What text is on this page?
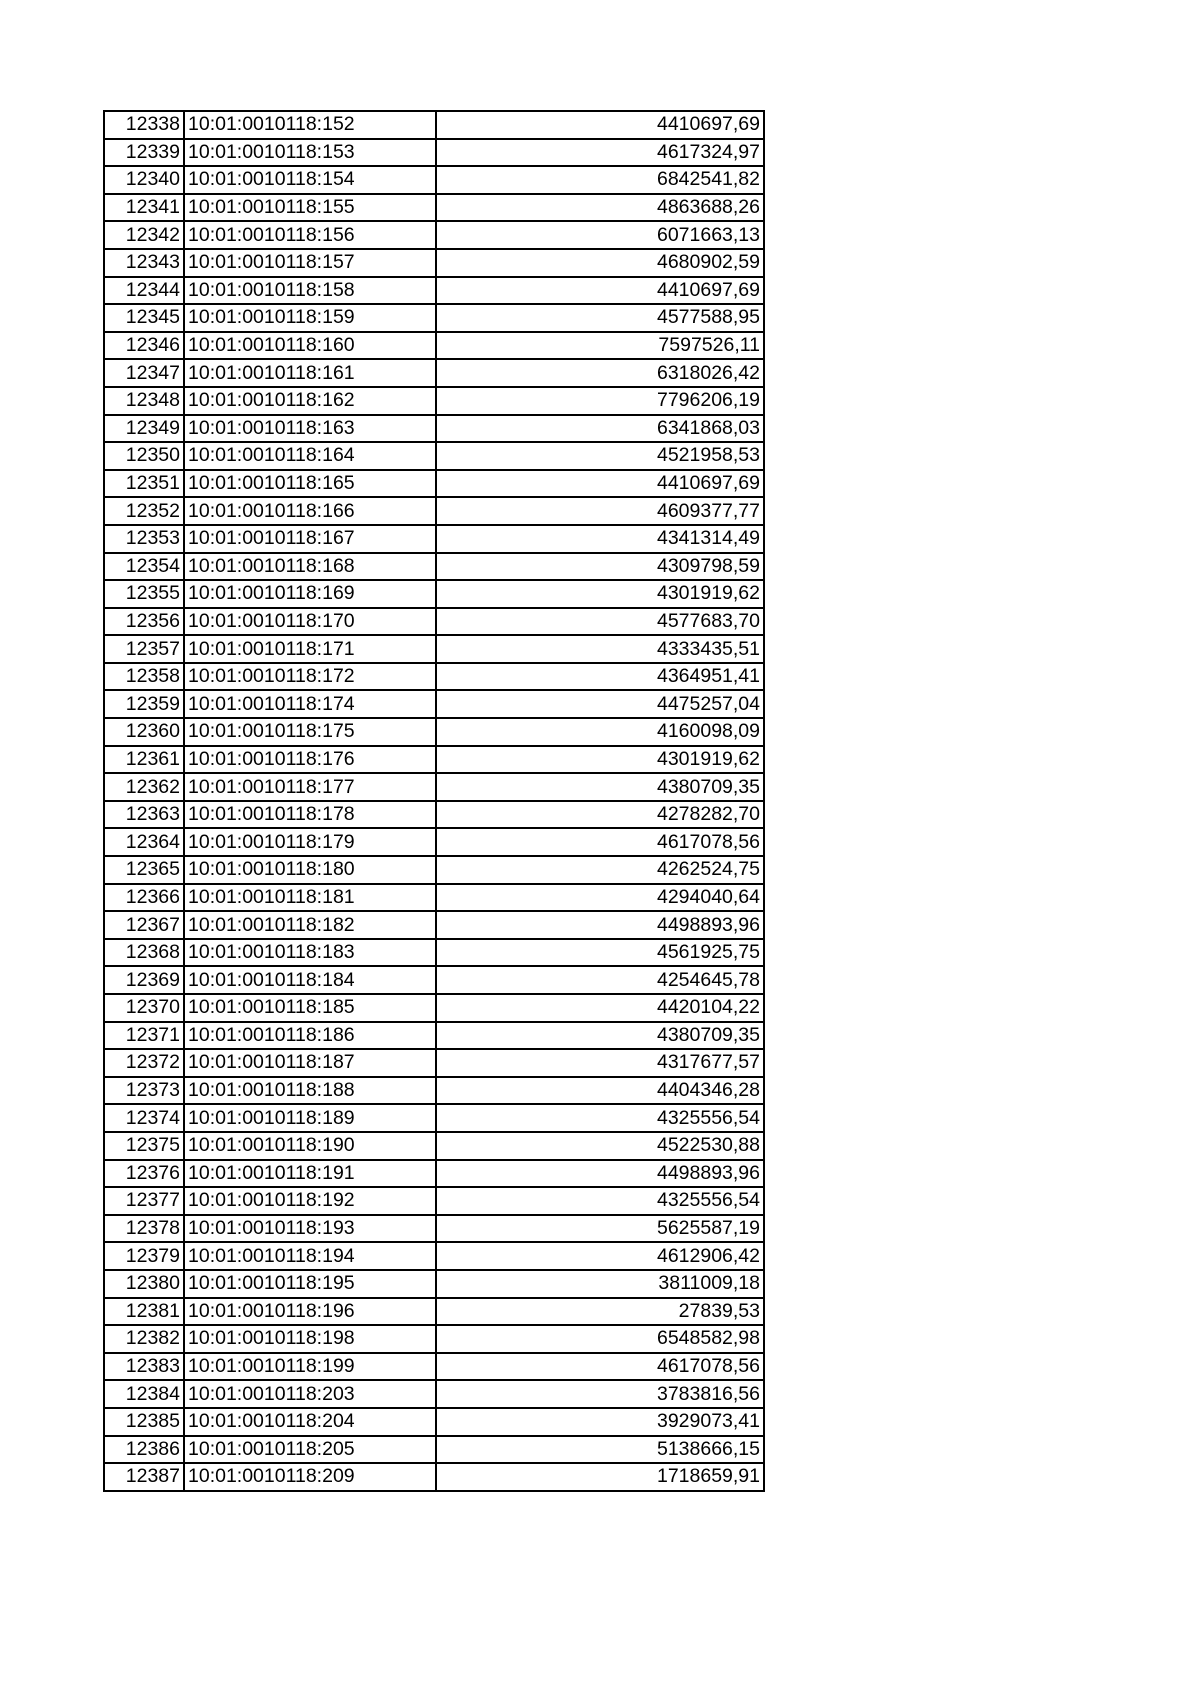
12338	10:01:0010118:152	4410697,69
12339	10:01:0010118:153	4617324,97
12340	10:01:0010118:154	6842541,82
12341	10:01:0010118:155	4863688,26
12342	10:01:0010118:156	6071663,13
12343	10:01:0010118:157	4680902,59
12344	10:01:0010118:158	4410697,69
12345	10:01:0010118:159	4577588,95
12346	10:01:0010118:160	7597526,11
12347	10:01:0010118:161	6318026,42
12348	10:01:0010118:162	7796206,19
12349	10:01:0010118:163	6341868,03
12350	10:01:0010118:164	4521958,53
12351	10:01:0010118:165	4410697,69
12352	10:01:0010118:166	4609377,77
12353	10:01:0010118:167	4341314,49
12354	10:01:0010118:168	4309798,59
12355	10:01:0010118:169	4301919,62
12356	10:01:0010118:170	4577683,70
12357	10:01:0010118:171	4333435,51
12358	10:01:0010118:172	4364951,41
12359	10:01:0010118:174	4475257,04
12360	10:01:0010118:175	4160098,09
12361	10:01:0010118:176	4301919,62
12362	10:01:0010118:177	4380709,35
12363	10:01:0010118:178	4278282,70
12364	10:01:0010118:179	4617078,56
12365	10:01:0010118:180	4262524,75
12366	10:01:0010118:181	4294040,64
12367	10:01:0010118:182	4498893,96
12368	10:01:0010118:183	4561925,75
12369	10:01:0010118:184	4254645,78
12370	10:01:0010118:185	4420104,22
12371	10:01:0010118:186	4380709,35
12372	10:01:0010118:187	4317677,57
12373	10:01:0010118:188	4404346,28
12374	10:01:0010118:189	4325556,54
12375	10:01:0010118:190	4522530,88
12376	10:01:0010118:191	4498893,96
12377	10:01:0010118:192	4325556,54
12378	10:01:0010118:193	5625587,19
12379	10:01:0010118:194	4612906,42
12380	10:01:0010118:195	3811009,18
12381	10:01:0010118:196	27839,53
12382	10:01:0010118:198	6548582,98
12383	10:01:0010118:199	4617078,56
12384	10:01:0010118:203	3783816,56
12385	10:01:0010118:204	3929073,41
12386	10:01:0010118:205	5138666,15
12387	10:01:0010118:209	1718659,91
